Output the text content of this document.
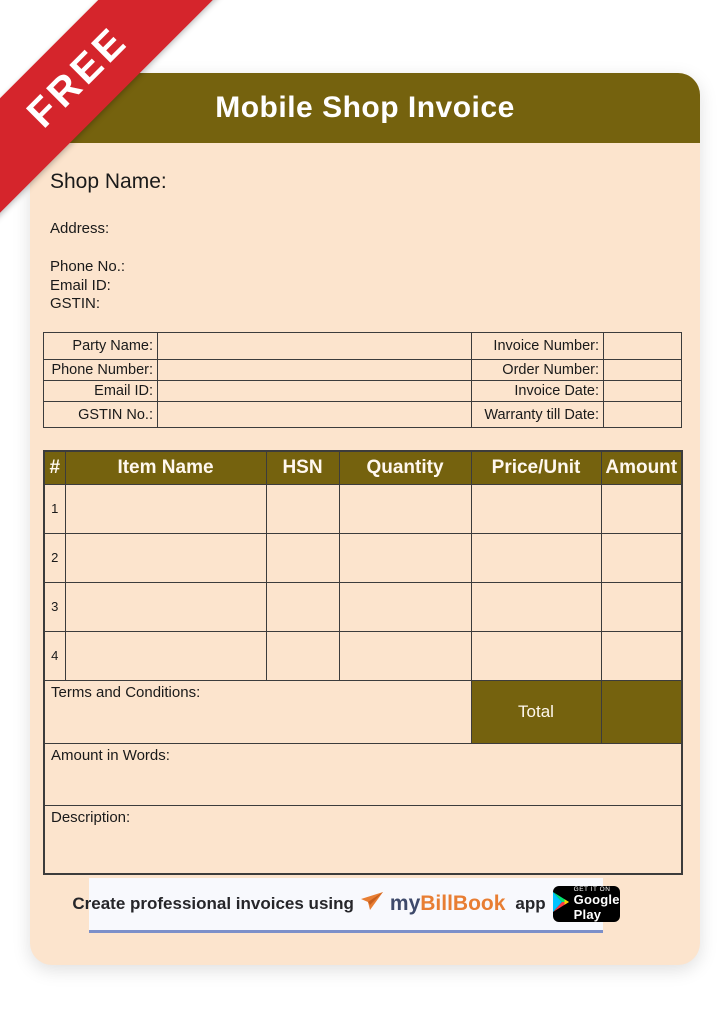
Mobile Shop Invoice
Shop Name:
Address:
Phone No.:
Email ID:
GSTIN:
Party Name:		Invoice Number:	
Phone Number:		Order Number:	
Email ID:		Invoice Date:	
GSTIN No.:		Warranty till Date:	
#	Item Name	HSN	Quantity	Price/Unit	Amount
1					
2					
3					
4					
Terms and Conditions:				Total	
Amount in Words:					
Description:					
Create professional invoices using my BillBook app
GET IT ON
Google Play
FREE
